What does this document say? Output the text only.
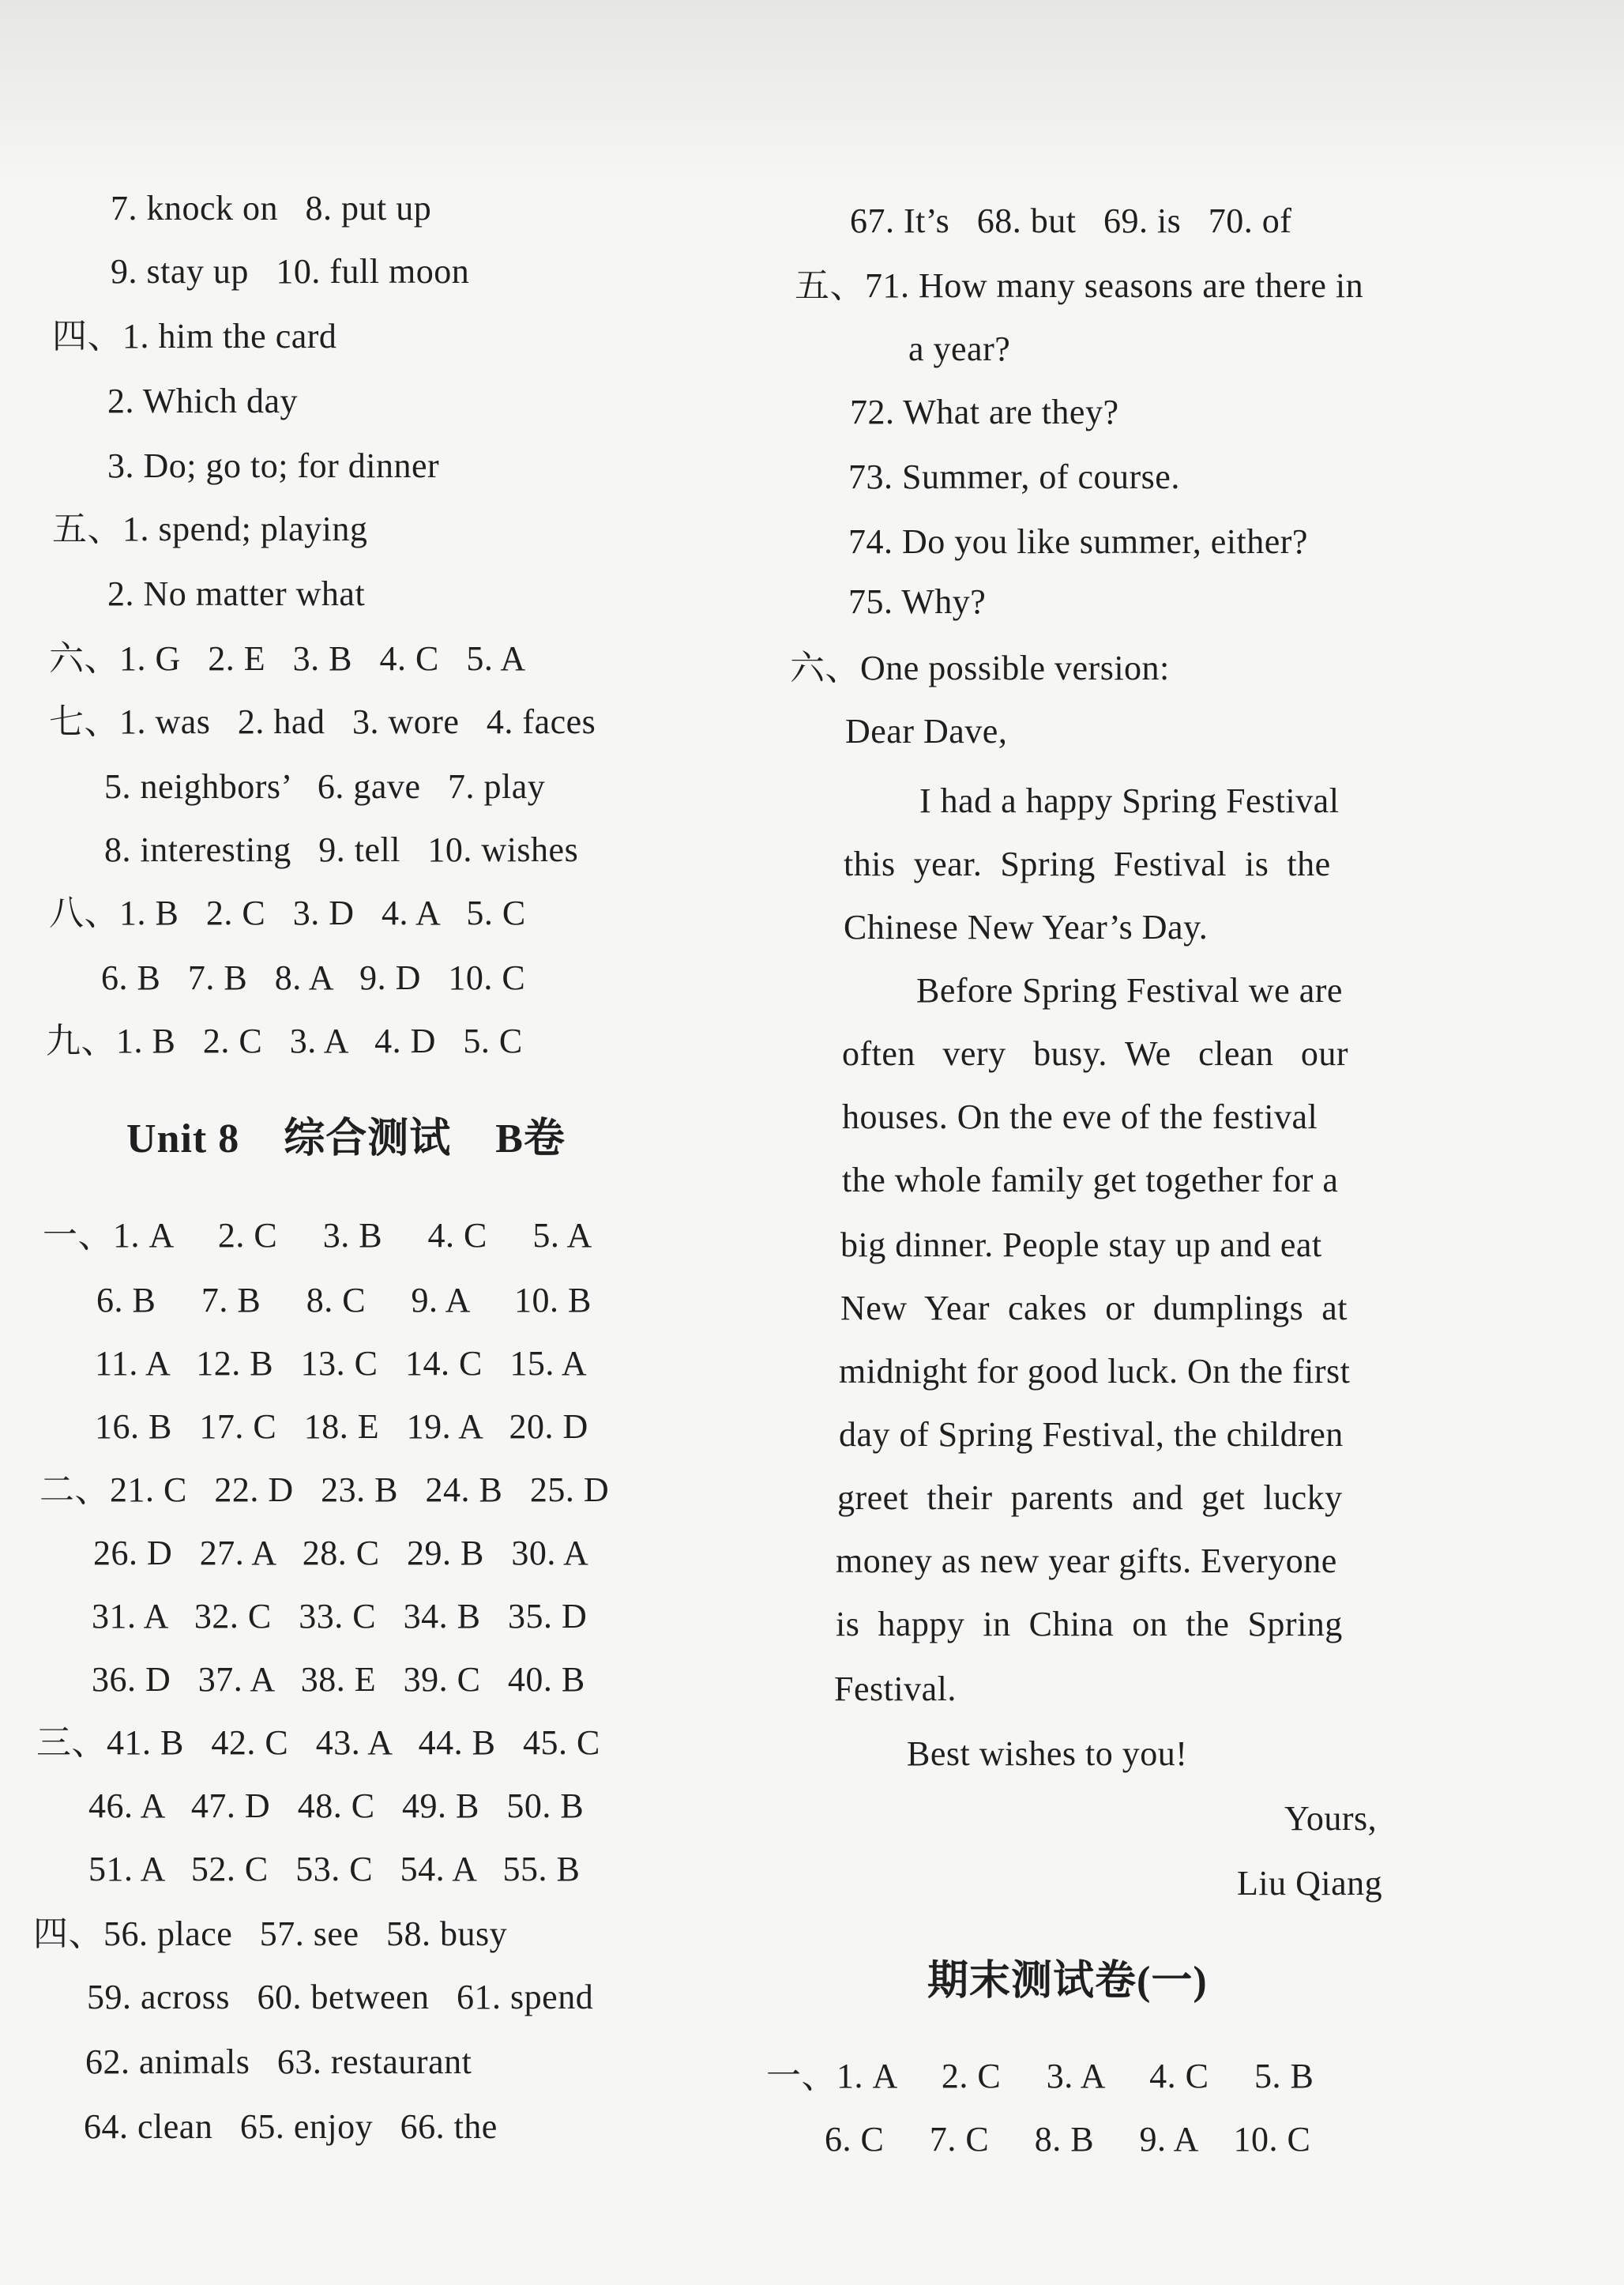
7. knock on   8. put up
9. stay up   10. full moon
四、1. him the card
2. Which day
3. Do; go to; for dinner
五、1. spend; playing
2. No matter what
六、1. G   2. E   3. B   4. C   5. A
七、1. was   2. had   3. wore   4. faces
5. neighbors’   6. gave   7. play
8. interesting   9. tell   10. wishes
八、1. B   2. C   3. D   4. A   5. C
6. B   7. B   8. A   9. D   10. C
九、1. B   2. C   3. A   4. D   5. C
Unit 8    综合测试    B卷
一、1. A     2. C     3. B     4. C     5. A
6. B     7. B     8. C     9. A     10. B
11. A   12. B   13. C   14. C   15. A
16. B   17. C   18. E   19. A   20. D
二、21. C   22. D   23. B   24. B   25. D
26. D   27. A   28. C   29. B   30. A
31. A   32. C   33. C   34. B   35. D
36. D   37. A   38. E   39. C   40. B
三、41. B   42. C   43. A   44. B   45. C
46. A   47. D   48. C   49. B   50. B
51. A   52. C   53. C   54. A   55. B
四、56. place   57. see   58. busy
59. across   60. between   61. spend
62. animals   63. restaurant
64. clean   65. enjoy   66. the
67. It’s   68. but   69. is   70. of
五、71. How many seasons are there in
a year?
72. What are they?
73. Summer, of course.
74. Do you like summer, either?
75. Why?
六、One possible version:
Dear Dave,
I had a happy Spring Festival
this  year.  Spring  Festival  is  the
Chinese New Year’s Day.
Before Spring Festival we are
often   very   busy.  We   clean   our
houses. On the eve of the festival
the whole family get together for a
big dinner. People stay up and eat
New  Year  cakes  or  dumplings  at
midnight for good luck. On the first
day of Spring Festival, the children
greet  their  parents  and  get  lucky
money as new year gifts. Everyone
is  happy  in  China  on  the  Spring
Festival.
Best wishes to you!
Yours,
Liu Qiang
期末测试卷(一)
一、1. A     2. C     3. A     4. C     5. B
6. C     7. C     8. B     9. A    10. C
